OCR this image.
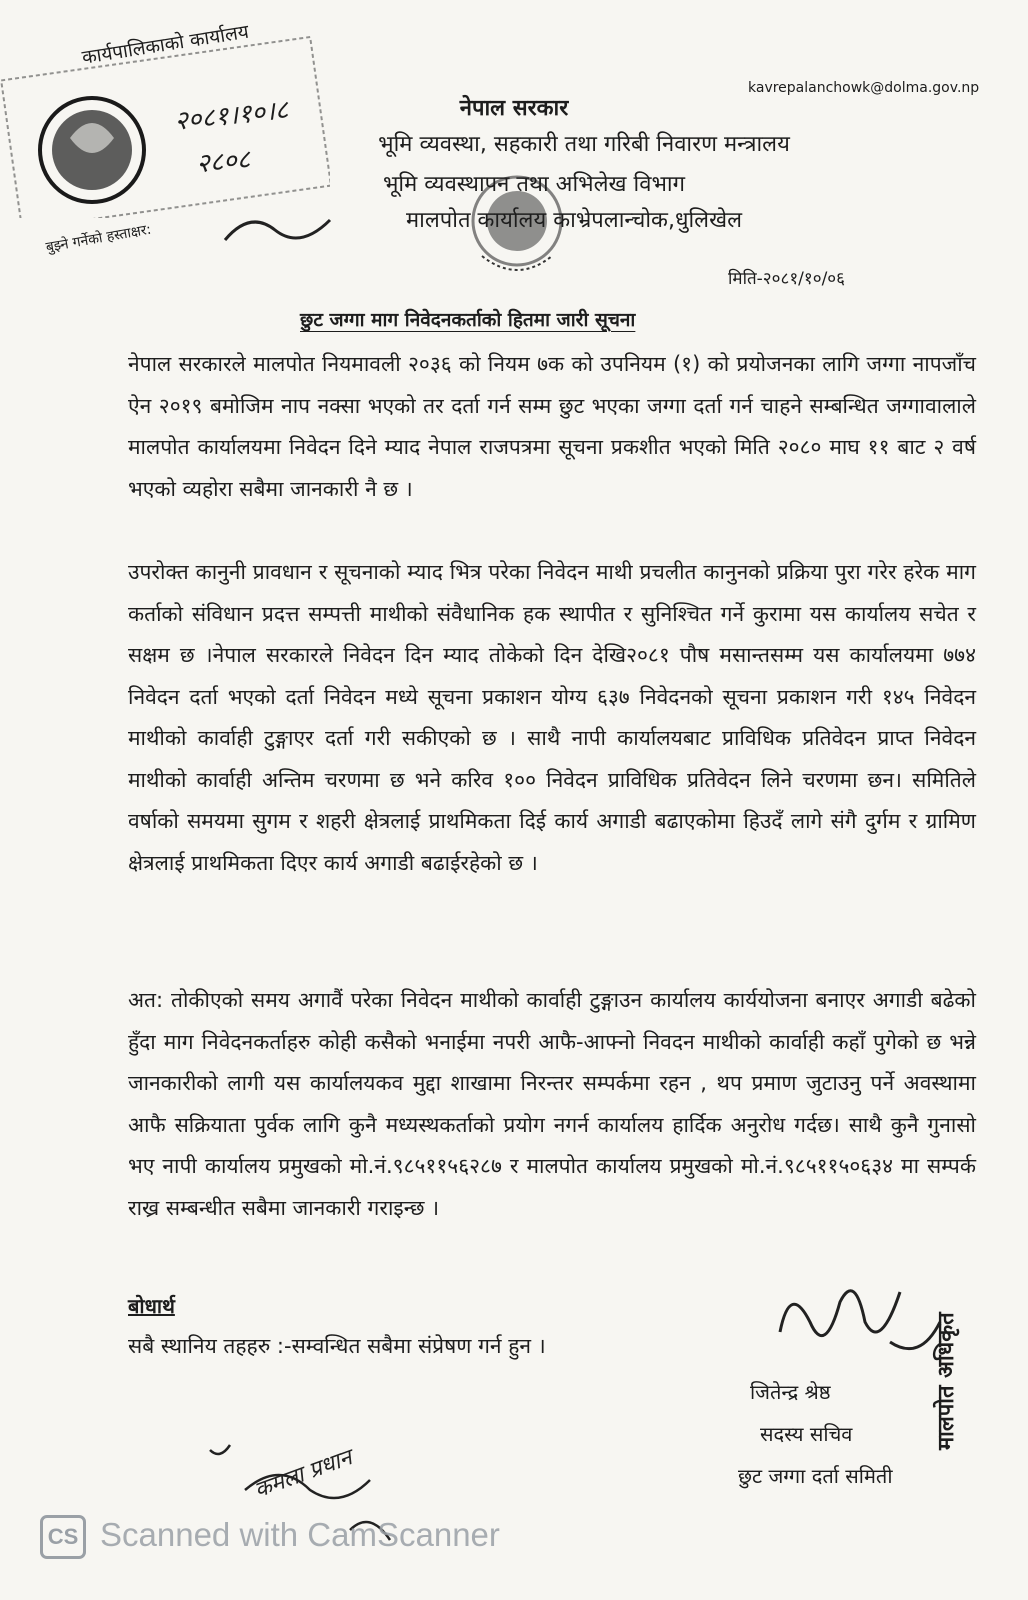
कार्यपालिकाको कार्यालय
२०८१।१०।८
२८०८
बुझ्ने गर्नेको हस्ताक्षर:
kavrepalanchowk@dolma.gov.np
नेपाल सरकार
भूमि व्यवस्था, सहकारी तथा गरिबी निवारण मन्त्रालय
भूमि व्यवस्थापन तथा अभिलेख विभाग
मालपोत कार्यालय काभ्रेपलान्चोक,धुलिखेल
मिति-२०८१/१०/०६
छुट जग्गा माग निवेदनकर्ताको हितमा जारी सूचना

नेपाल सरकारले मालपोत नियमावली २०३६ को नियम ७क को उपनियम (१) को प्रयोजनका लागि जग्गा नापजाँच ऐन २०१९ बमोजिम नाप नक्सा भएको तर दर्ता गर्न सम्म छुट भएका जग्गा दर्ता गर्न चाहने सम्बन्धित जग्गावालाले मालपोत कार्यालयमा निवेदन दिने म्याद नेपाल राजपत्रमा सूचना प्रकशीत भएको मिति २०८० माघ ११ बाट २ वर्ष भएको व्यहोरा सबैमा जानकारी नै छ ।

उपरोक्त कानुनी प्रावधान र सूचनाको म्याद भित्र परेका निवेदन माथी प्रचलीत कानुनको प्रक्रिया पुरा गरेर हरेक माग कर्ताको संविधान प्रदत्त सम्पत्ती माथीको संवैधानिक हक स्थापीत र सुनिश्चित गर्ने कुरामा यस कार्यालय सचेत र सक्षम छ ।नेपाल सरकारले निवेदन दिन म्याद तोकेको दिन देखि२०८१ पौष मसान्तसम्म यस कार्यालयमा ७७४ निवेदन दर्ता भएको दर्ता निवेदन मध्ये सूचना प्रकाशन योग्य ६३७ निवेदनको सूचना प्रकाशन गरी १४५ निवेदन माथीको कार्वाही टुङ्गाएर दर्ता गरी सकीएको छ । साथै नापी कार्यालयबाट प्राविधिक प्रतिवेदन प्राप्त निवेदन माथीको कार्वाही अन्तिम चरणमा छ भने करिव १०० निवेदन प्राविधिक प्रतिवेदन लिने चरणमा छन। समितिले वर्षाको समयमा सुगम र शहरी क्षेत्रलाई प्राथमिकता दिई कार्य अगाडी बढाएकोमा हिउदँ लागे संगै दुर्गम र ग्रामिण क्षेत्रलाई प्राथमिकता दिएर कार्य अगाडी बढाईरहेको छ ।

अत: तोकीएको समय अगावैं परेका निवेदन माथीको कार्वाही टुङ्गाउन कार्यालय कार्ययोजना बनाएर अगाडी बढेको हुँदा माग निवेदनकर्ताहरु कोही कसैको भनाईमा नपरी आफै-आफ्नो निवदन माथीको कार्वाही कहाँ पुगेको छ भन्ने जानकारीको लागी यस कार्यालयकव मुद्दा शाखामा निरन्तर सम्पर्कमा रहन , थप प्रमाण जुटाउनु पर्ने अवस्थामा आफै सक्रियाता पुर्वक लागि कुनै मध्यस्थकर्ताको प्रयोग नगर्न कार्यालय हार्दिक अनुरोध गर्दछ। साथै कुनै गुनासो भए नापी कार्यालय प्रमुखको मो.नं.९८५११५६२८७ र मालपोत कार्यालय प्रमुखको मो.नं.९८५११५०६३४ मा सम्पर्क राख्र सम्बन्धीत सबैमा जानकारी गराइन्छ ।

बोधार्थ
सबै स्थानिय तहहरु :-सम्वन्धित सबैमा संप्रेषण गर्न हुन ।
जितेन्द्र श्रेष्ठ
सदस्य सचिव
छुट जग्गा दर्ता समिती
मालपोत अधिकृत
कमला प्रधान
CS Scanned with CamScanner
